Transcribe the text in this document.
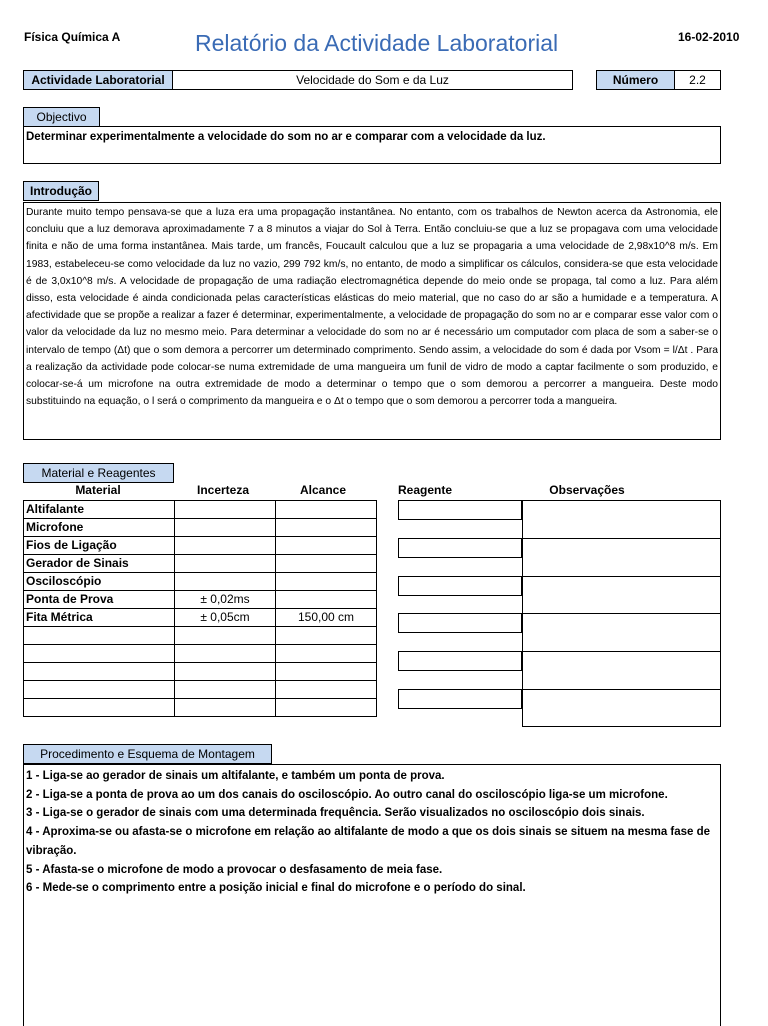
Física Química A	Relatório da Actividade Laboratorial	16-02-2010
Actividade Laboratorial	Velocidade do Som e da Luz	Número	2.2
Objectivo
Determinar experimentalmente a velocidade do som no ar e comparar com a velocidade da luz.
Introdução
Durante muito tempo pensava-se que a luza era uma propagação instantânea. No entanto, com os trabalhos de Newton acerca da Astronomia, ele concluiu que a luz demorava aproximadamente 7 a 8 minutos a viajar do Sol à Terra. Então concluiu-se que a luz se propagava com uma velocidade finita e não de uma forma instantânea. Mais tarde, um francês, Foucault calculou que a luz se propagaria a uma velocidade de 2,98x10^8 m/s. Em 1983, estabeleceu-se como velocidade da luz no vazio, 299 792 km/s, no entanto, de modo a simplificar os cálculos, considera-se que esta velocidade é de 3,0x10^8 m/s. A velocidade de propagação de uma radiação electromagnética depende do meio onde se propaga, tal como a luz. Para além disso, esta velocidade é ainda condicionada pelas características elásticas do meio material, que no caso do ar são a humidade e a temperatura. A afectividade que se propõe a realizar a fazer é determinar, experimentalmente, a velocidade de propagação do som no ar e comparar esse valor com o valor da velocidade da luz no mesmo meio. Para determinar a velocidade do som no ar é necessário um computador com placa de som a saber-se o intervalo de tempo (Δt) que o som demora a percorrer um determinado comprimento. Sendo assim, a velocidade do som é dada por Vsom = l/Δt . Para a realização da actividade pode colocar-se numa extremidade de uma mangueira um funil de vidro de modo a captar facilmente o som produzido, e colocar-se-á um microfone na outra extremidade de modo a determinar o tempo que o som demorou a percorrer a mangueira. Deste modo substituindo na equação, o l será o comprimento da mangueira e o Δt o tempo que o som demorou a percorrer toda a mangueira.
Material e Reagentes
Material	Incerteza	Alcance	Reagente	Observações
Altifalante		
Microfone		
Fios de Ligação		
Gerador de Sinais		
Osciloscópio		
Ponta de Prova	± 0,02ms	
Fita Métrica	± 0,05cm	150,00 cm

Procedimento e Esquema de Montagem

1 - Liga-se ao gerador de sinais um altifalante, e também um ponta de prova.

2 - Liga-se a ponta de prova ao um dos canais do osciloscópio. Ao outro canal do osciloscópio liga-se um microfone.

3 - Liga-se o gerador de sinais com uma determinada frequência. Serão visualizados no osciloscópio dois sinais.

4 - Aproxima-se ou afasta-se o microfone em relação ao altifalante de modo a que os dois sinais se situem na mesma fase de vibração.

5 - Afasta-se o microfone de modo a provocar o desfasamento de meia fase.

6 - Mede-se o comprimento entre a posição inicial e final do microfone e o período do sinal.
